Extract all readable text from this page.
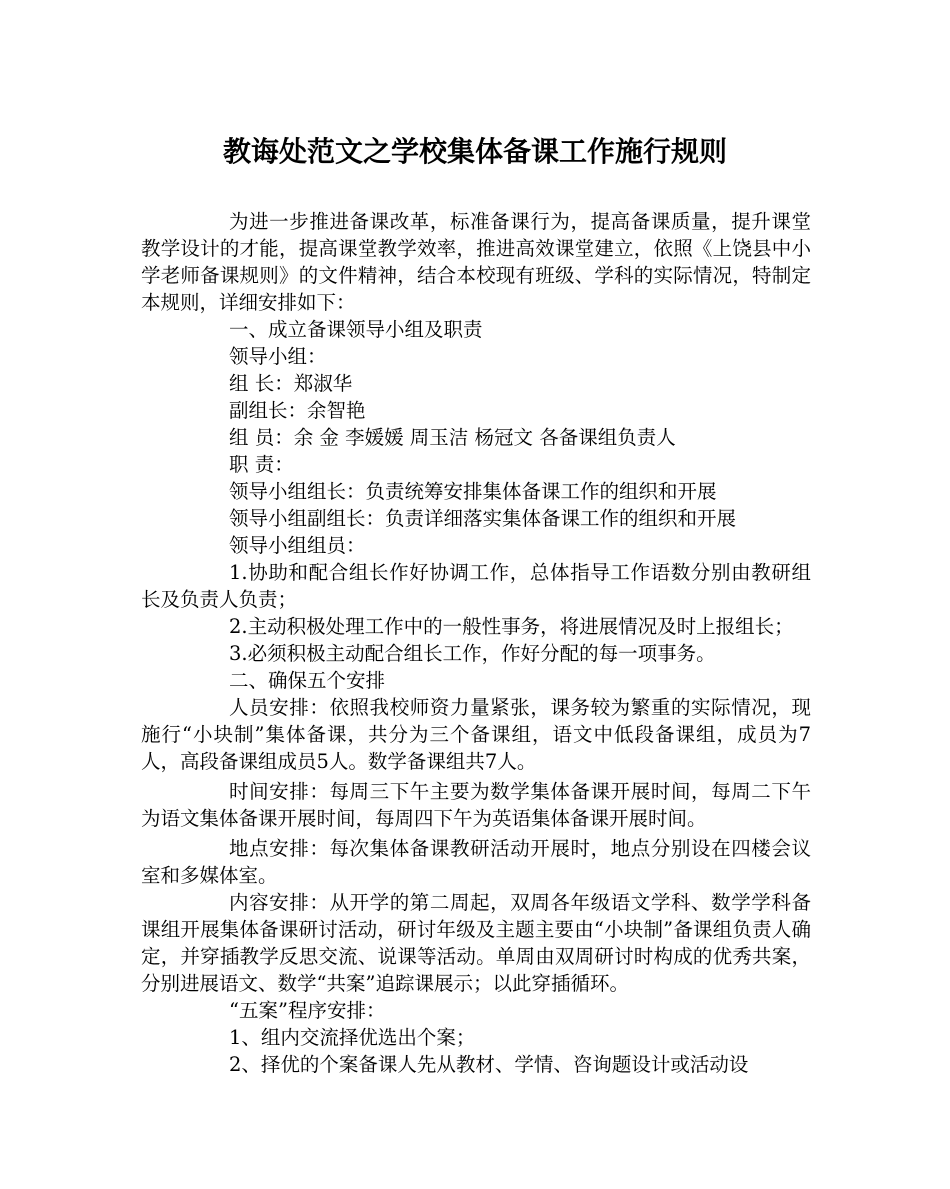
教诲处范文之学校集体备课工作施行规则

为进一步推进备课改革，标准备课行为，提高备课质量，提升课堂教学设计的才能，提高课堂教学效率，推进高效课堂建立，依照《上饶县中小学老师备课规则》的文件精神，结合本校现有班级、学科的实际情况，特制定本规则，详细安排如下：

一、成立备课领导小组及职责

领导小组：

组 长：郑淑华

副组长：余智艳

组 员：余 金 李媛媛 周玉洁 杨冠文 各备课组负责人

职 责：

领导小组组长：负责统筹安排集体备课工作的组织和开展

领导小组副组长：负责详细落实集体备课工作的组织和开展

领导小组组员：

1.协助和配合组长作好协调工作，总体指导工作语数分别由教研组长及负责人负责；

2.主动积极处理工作中的一般性事务，将进展情况及时上报组长；

3.必须积极主动配合组长工作，作好分配的每一项事务。

二、确保五个安排

人员安排：依照我校师资力量紧张，课务较为繁重的实际情况，现施行“小块制”集体备课，共分为三个备课组，语文中低段备课组，成员为7人，高段备课组成员5人。数学备课组共7人。

时间安排：每周三下午主要为数学集体备课开展时间，每周二下午为语文集体备课开展时间，每周四下午为英语集体备课开展时间。

地点安排：每次集体备课教研活动开展时，地点分别设在四楼会议室和多媒体室。

内容安排：从开学的第二周起，双周各年级语文学科、数学学科备课组开展集体备课研讨活动，研讨年级及主题主要由“小块制”备课组负责人确定，并穿插教学反思交流、说课等活动。单周由双周研讨时构成的优秀共案，分别进展语文、数学“共案”追踪课展示；以此穿插循环。

“五案”程序安排：

1、组内交流择优选出个案；

2、择优的个案备课人先从教材、学情、咨询题设计或活动设
